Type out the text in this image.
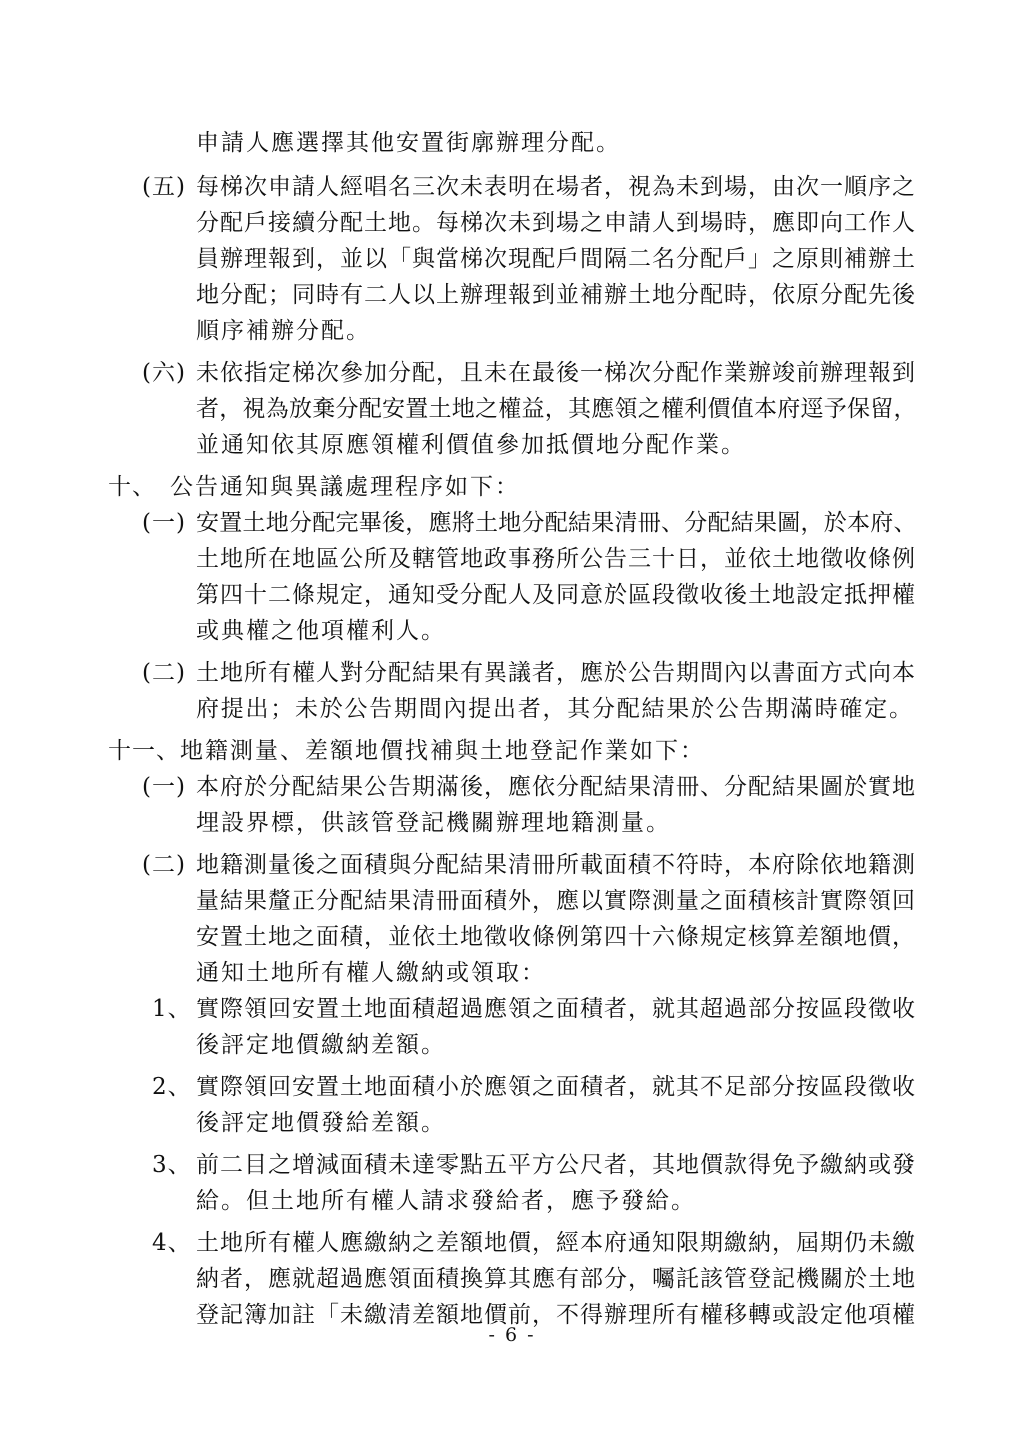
申請人應選擇其他安置街廓辦理分配。
(五) 每梯次申請人經唱名三次未表明在場者，視為未到場，由次一順序之
分配戶接續分配土地。每梯次未到場之申請人到場時，應即向工作人
員辦理報到，並以「與當梯次現配戶間隔二名分配戶」之原則補辦土
地分配；同時有二人以上辦理報到並補辦土地分配時，依原分配先後
順序補辦分配。
(六) 未依指定梯次參加分配，且未在最後一梯次分配作業辦竣前辦理報到
者，視為放棄分配安置土地之權益，其應領之權利價值本府逕予保留，
並通知依其原應領權利價值參加抵價地分配作業。
十、 公告通知與異議處理程序如下：
(一) 安置土地分配完畢後，應將土地分配結果清冊、分配結果圖，於本府、
土地所在地區公所及轄管地政事務所公告三十日，並依土地徵收條例
第四十二條規定，通知受分配人及同意於區段徵收後土地設定抵押權
或典權之他項權利人。
(二) 土地所有權人對分配結果有異議者，應於公告期間內以書面方式向本
府提出；未於公告期間內提出者，其分配結果於公告期滿時確定。
十一、 地籍測量、差額地價找補與土地登記作業如下：
(一) 本府於分配結果公告期滿後，應依分配結果清冊、分配結果圖於實地
埋設界標，供該管登記機關辦理地籍測量。
(二) 地籍測量後之面積與分配結果清冊所載面積不符時，本府除依地籍測
量結果釐正分配結果清冊面積外，應以實際測量之面積核計實際領回
安置土地之面積，並依土地徵收條例第四十六條規定核算差額地價，
通知土地所有權人繳納或領取：
1、 實際領回安置土地面積超過應領之面積者，就其超過部分按區段徵收
後評定地價繳納差額。
2、 實際領回安置土地面積小於應領之面積者，就其不足部分按區段徵收
後評定地價發給差額。
3、 前二目之增減面積未達零點五平方公尺者，其地價款得免予繳納或發
給。但土地所有權人請求發給者，應予發給。
4、 土地所有權人應繳納之差額地價，經本府通知限期繳納，屆期仍未繳
納者，應就超過應領面積換算其應有部分，囑託該管登記機關於土地
登記簿加註「未繳清差額地價前，不得辦理所有權移轉或設定他項權
- 6 -
